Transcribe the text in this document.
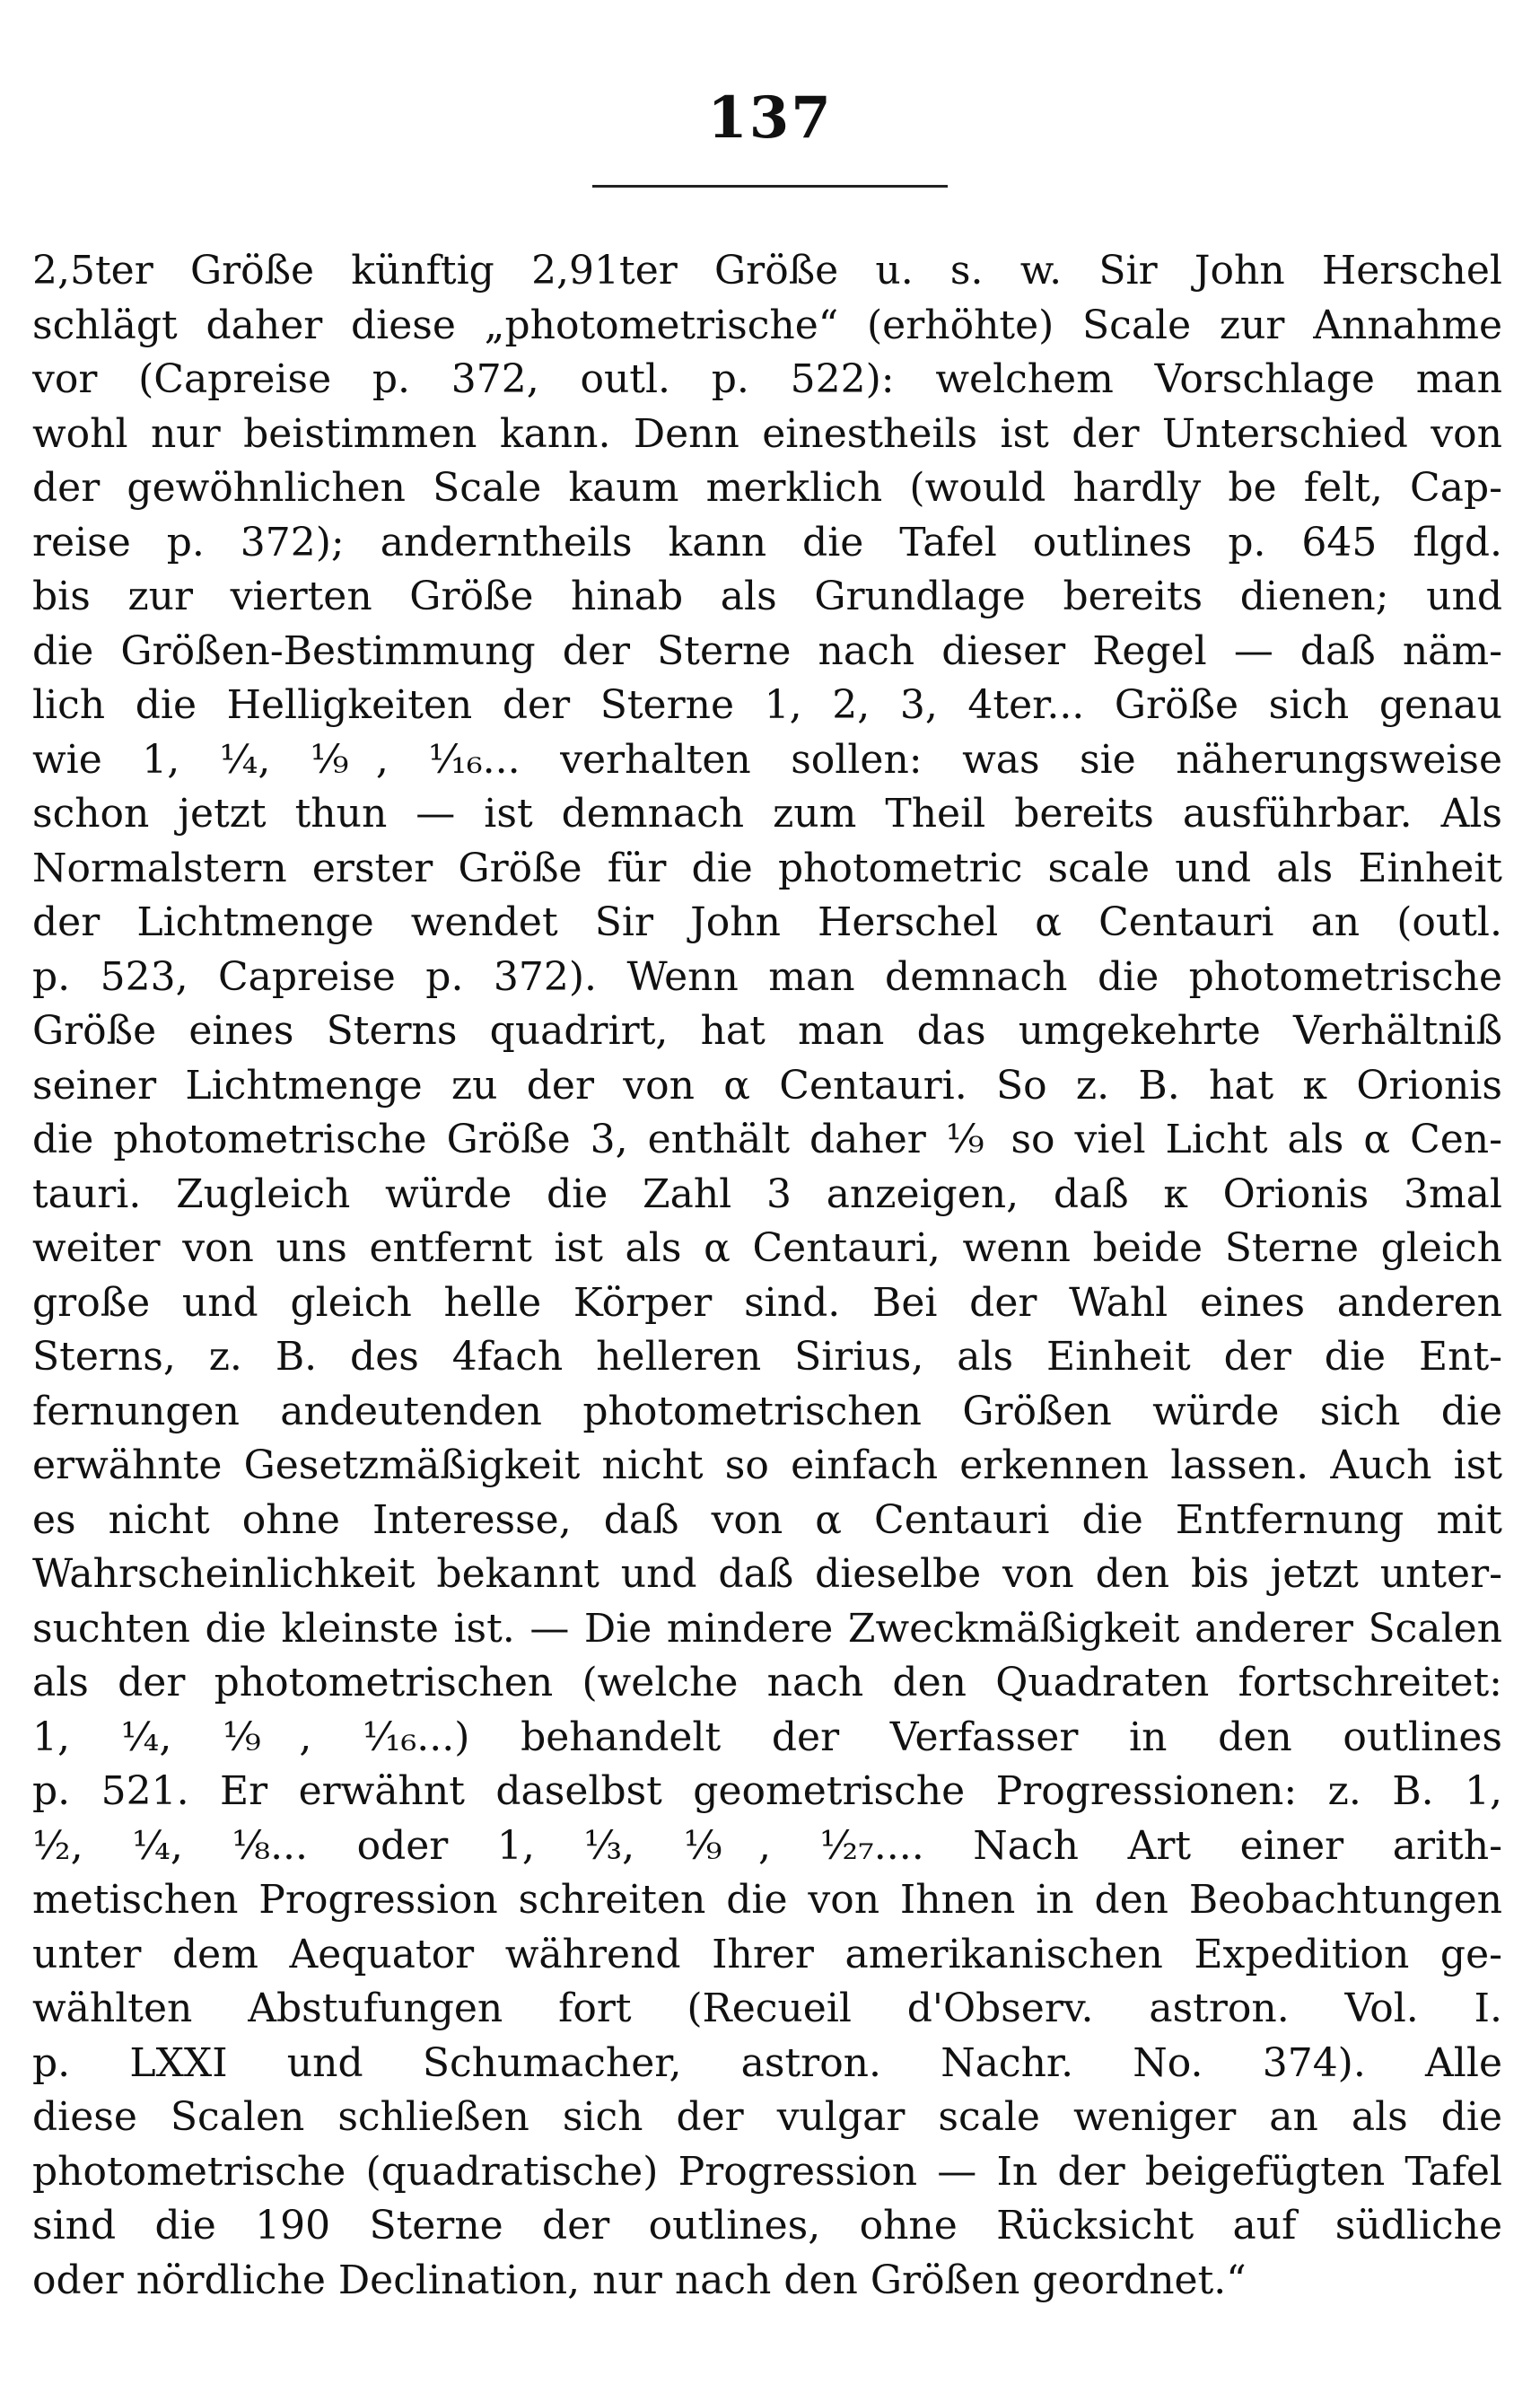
137
2,5ter Größe künftig 2,91ter Größe u. s. w. Sir John Herschel
schlägt daher diese „photometrische“ (erhöhte) Scale zur Annahme
vor (Capreise p. 372, outl. p. 522): welchem Vorschlage man
wohl nur beistimmen kann. Denn einestheils ist der Unterschied von
der gewöhnlichen Scale kaum merklich (would hardly be felt, Cap-
reise p. 372); anderntheils kann die Tafel outlines p. 645 flgd.
bis zur vierten Größe hinab als Grundlage bereits dienen; und
die Größen-Bestimmung der Sterne nach dieser Regel — daß näm-
lich die Helligkeiten der Sterne 1, 2, 3, 4ter... Größe sich genau
wie 1, ¼, ⅑, ¹⁄₁₆... verhalten sollen: was sie näherungsweise
schon jetzt thun — ist demnach zum Theil bereits ausführbar. Als
Normalstern erster Größe für die photometric scale und als Einheit
der Lichtmenge wendet Sir John Herschel α Centauri an (outl.
p. 523, Capreise p. 372). Wenn man demnach die photometrische
Größe eines Sterns quadrirt, hat man das umgekehrte Verhältniß
seiner Lichtmenge zu der von α Centauri. So z. B. hat κ Orionis
die photometrische Größe 3, enthält daher ⅑ so viel Licht als α Cen-
tauri. Zugleich würde die Zahl 3 anzeigen, daß κ Orionis 3mal
weiter von uns entfernt ist als α Centauri, wenn beide Sterne gleich
große und gleich helle Körper sind. Bei der Wahl eines anderen
Sterns, z. B. des 4fach helleren Sirius, als Einheit der die Ent-
fernungen andeutenden photometrischen Größen würde sich die
erwähnte Gesetzmäßigkeit nicht so einfach erkennen lassen. Auch ist
es nicht ohne Interesse, daß von α Centauri die Entfernung mit
Wahrscheinlichkeit bekannt und daß dieselbe von den bis jetzt unter-
suchten die kleinste ist. — Die mindere Zweckmäßigkeit anderer Scalen
als der photometrischen (welche nach den Quadraten fortschreitet:
1, ¼, ⅑, ¹⁄₁₆...) behandelt der Verfasser in den outlines
p. 521. Er erwähnt daselbst geometrische Progressionen: z. B. 1,
½, ¼, ⅛... oder 1, ⅓, ⅑, ¹⁄₂₇.... Nach Art einer arith-
metischen Progression schreiten die von Ihnen in den Beobachtungen
unter dem Aequator während Ihrer amerikanischen Expedition ge-
wählten Abstufungen fort (Recueil d'Observ. astron. Vol. I.
p. LXXI und Schumacher, astron. Nachr. No. 374). Alle
diese Scalen schließen sich der vulgar scale weniger an als die
photometrische (quadratische) Progression — In der beigefügten Tafel
sind die 190 Sterne der outlines, ohne Rücksicht auf südliche
oder nördliche Declination, nur nach den Größen geordnet.“
